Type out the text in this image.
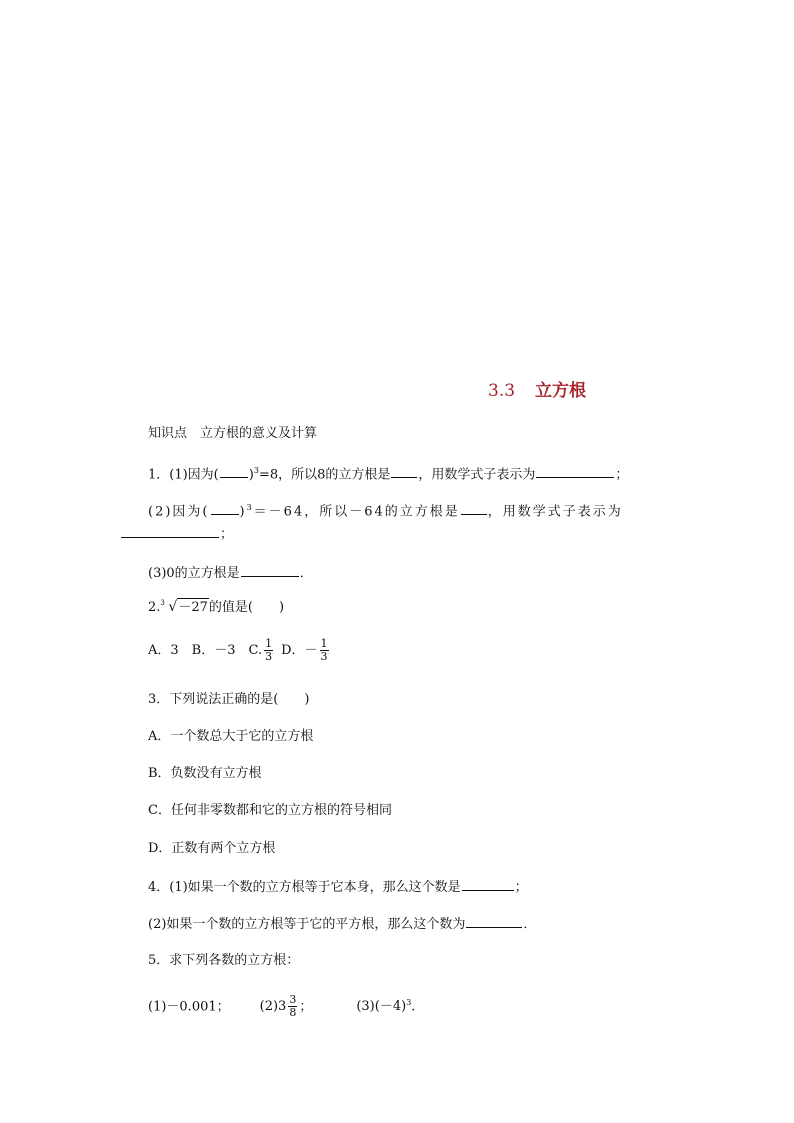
3.3 立方根
知识点　立方根的意义及计算
1．(1)因为( )$^3$=8，所以8的立方根是 ，用数学式子表示为	；
(2)因为( )$^3$＝－64，所以－64的立方根是 ，用数学式子表示为
；
(3)0的立方根是	．
2. 3 √－27的值是(　　)
A．3　B．－3　C. $\frac{1}{3}$ D．－ $\frac{1}{3}$
3．下列说法正确的是(　　)
A．一个数总大于它的立方根
B．负数没有立方根
C．任何非零数都和它的立方根的符号相同
D．正数有两个立方根
4．(1)如果一个数的立方根等于它本身，那么这个数是	；
(2)如果一个数的立方根等于它的平方根，那么这个数为	．
5．求下列各数的立方根：
(1)－0.001； $(2)3 \frac{3}{8}$ ；	$(3)(-4)^3$.
